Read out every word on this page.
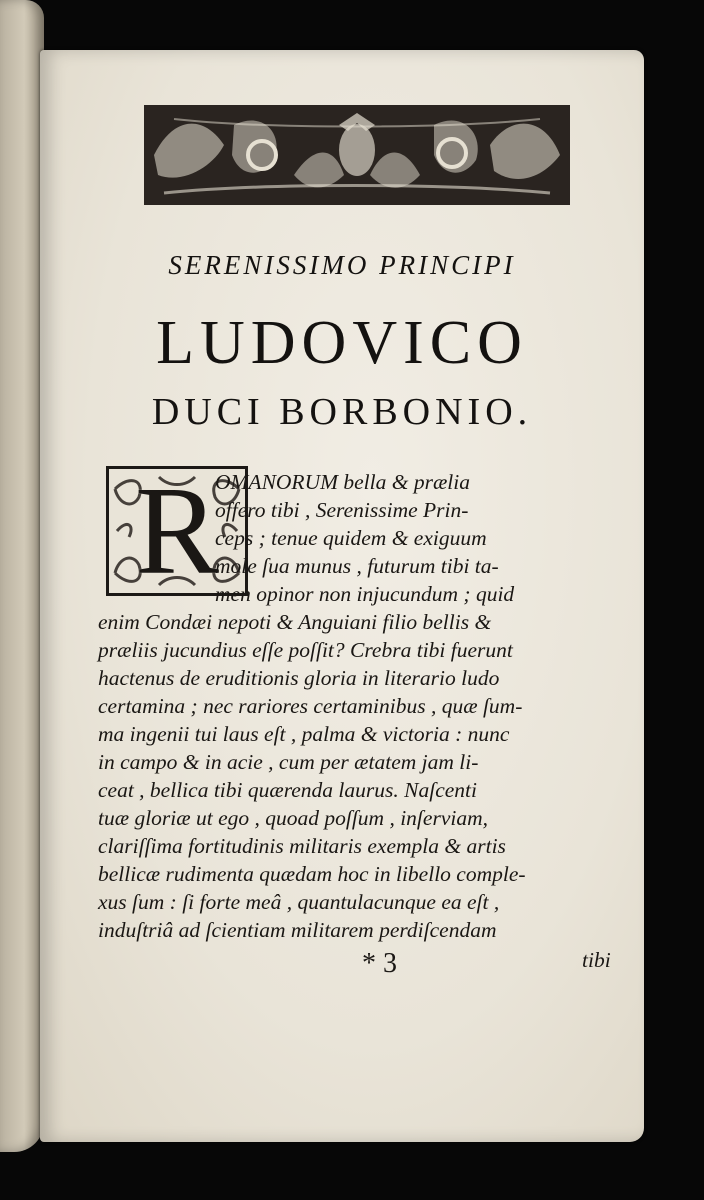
SERENISSIMO PRINCIPI
LUDOVICO
DUCI BORBONIO.
R
OMANORUM bella & prælia
offero tibi , Serenissime Prin-
ceps ; tenue quidem & exiguum
mole ſua munus , futurum tibi ta-
men opinor non injucundum ; quid
enim Condæi nepoti & Anguiani filio bellis &
præliis jucundius eſſe poſſit? Crebra tibi fuerunt
hactenus de eruditionis gloria in literario ludo
certamina ; nec rariores certaminibus , quæ ſum-
ma ingenii tui laus eſt , palma & victoria : nunc
in campo & in acie , cum per ætatem jam li-
ceat , bellica tibi quærenda laurus. Naſcenti
tuæ gloriæ ut ego , quoad poſſum , inſerviam,
clariſſima fortitudinis militaris exempla & artis
bellicæ rudimenta quædam hoc in libello comple-
xus ſum : ſi forte meâ , quantulacunque ea eſt ,
induſtriâ ad ſcientiam militarem perdiſcendam
* 3	tibi
